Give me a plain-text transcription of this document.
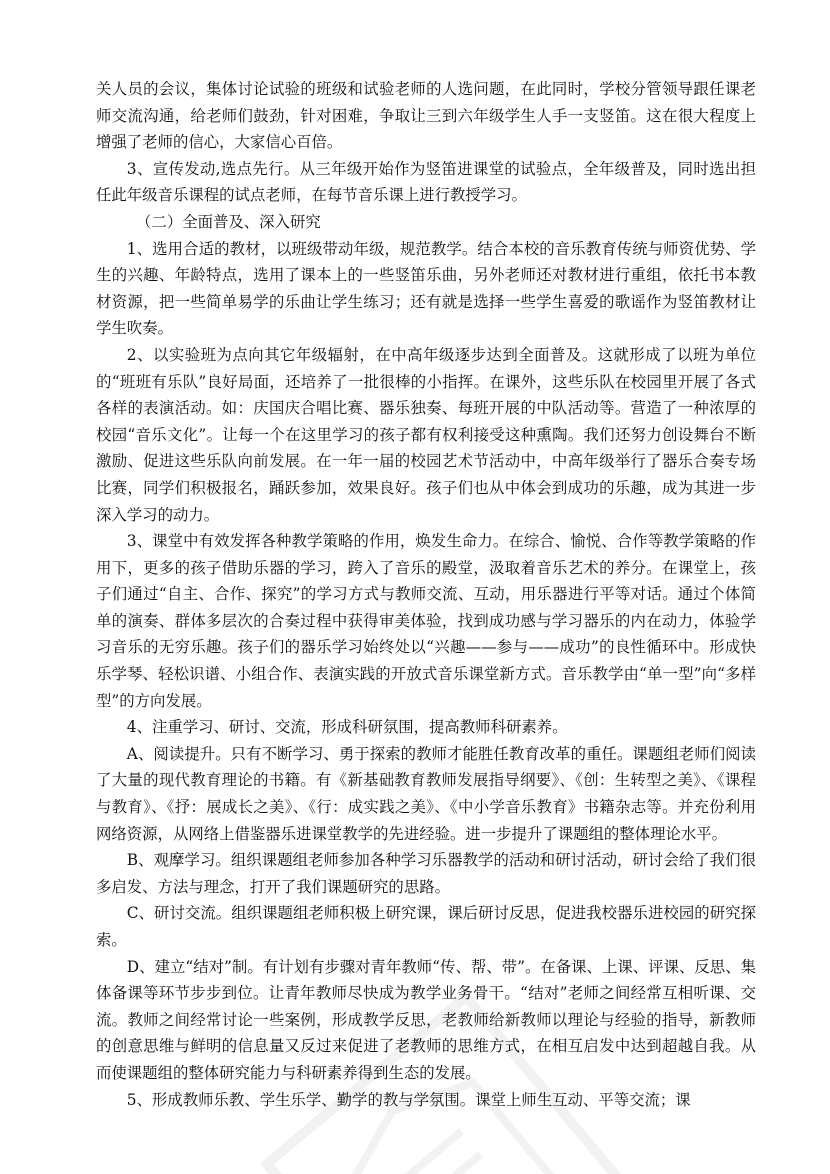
关人员的会议，集体讨论试验的班级和试验老师的人选问题，在此同时，学校分管领导跟任课老师交流沟通，给老师们鼓劲，针对困难，争取让三到六年级学生人手一支竖笛。这在很大程度上增强了老师的信心，大家信心百倍。

3、宣传发动,选点先行。从三年级开始作为竖笛进课堂的试验点，全年级普及，同时选出担任此年级音乐课程的试点老师，在每节音乐课上进行教授学习。

（二）全面普及、深入研究

1、选用合适的教材，以班级带动年级，规范教学。结合本校的音乐教育传统与师资优势、学生的兴趣、年龄特点，选用了课本上的一些竖笛乐曲，另外老师还对教材进行重组，依托书本教材资源，把一些简单易学的乐曲让学生练习；还有就是选择一些学生喜爱的歌谣作为竖笛教材让学生吹奏。

2、以实验班为点向其它年级辐射，在中高年级逐步达到全面普及。这就形成了以班为单位的“班班有乐队”良好局面，还培养了一批很棒的小指挥。在课外，这些乐队在校园里开展了各式各样的表演活动。如：庆国庆合唱比赛、器乐独奏、每班开展的中队活动等。营造了一种浓厚的校园“音乐文化”。让每一个在这里学习的孩子都有权利接受这种熏陶。我们还努力创设舞台不断激励、促进这些乐队向前发展。在一年一届的校园艺术节活动中，中高年级举行了器乐合奏专场比赛，同学们积极报名，踊跃参加，效果良好。孩子们也从中体会到成功的乐趣，成为其进一步深入学习的动力。

3、课堂中有效发挥各种教学策略的作用，焕发生命力。在综合、愉悦、合作等教学策略的作用下，更多的孩子借助乐器的学习，跨入了音乐的殿堂，汲取着音乐艺术的养分。在课堂上，孩子们通过“自主、合作、探究”的学习方式与教师交流、互动，用乐器进行平等对话。通过个体简单的演奏、群体多层次的合奏过程中获得审美体验，找到成功感与学习器乐的内在动力，体验学习音乐的无穷乐趣。孩子们的器乐学习始终处以“兴趣——参与——成功”的良性循环中。形成快乐学琴、轻松识谱、小组合作、表演实践的开放式音乐课堂新方式。音乐教学由“单一型”向“多样型”的方向发展。

4、注重学习、研讨、交流，形成科研氛围，提高教师科研素养。

A、阅读提升。只有不断学习、勇于探索的教师才能胜任教育改革的重任。课题组老师们阅读了大量的现代教育理论的书籍。有《新基础教育教师发展指导纲要》、《创：生转型之美》、《课程与教育》、《抒：展成长之美》、《行：成实践之美》、《中小学音乐教育》书籍杂志等。并充份利用网络资源，从网络上借鉴器乐进课堂教学的先进经验。进一步提升了课题组的整体理论水平。

B、观摩学习。组织课题组老师参加各种学习乐器教学的活动和研讨活动，研讨会给了我们很多启发、方法与理念，打开了我们课题研究的思路。

C、研讨交流。组织课题组老师积极上研究课，课后研讨反思，促进我校器乐进校园的研究探索。

D、建立“结对”制。有计划有步骤对青年教师“传、帮、带”。在备课、上课、评课、反思、集体备课等环节步步到位。让青年教师尽快成为教学业务骨干。“结对”老师之间经常互相听课、交流。教师之间经常讨论一些案例，形成教学反思，老教师给新教师以理论与经验的指导，新教师的创意思维与鲜明的信息量又反过来促进了老教师的思维方式，在相互启发中达到超越自我。从而使课题组的整体研究能力与科研素养得到生态的发展。

5、形成教师乐教、学生乐学、勤学的教与学氛围。课堂上师生互动、平等交流；课
